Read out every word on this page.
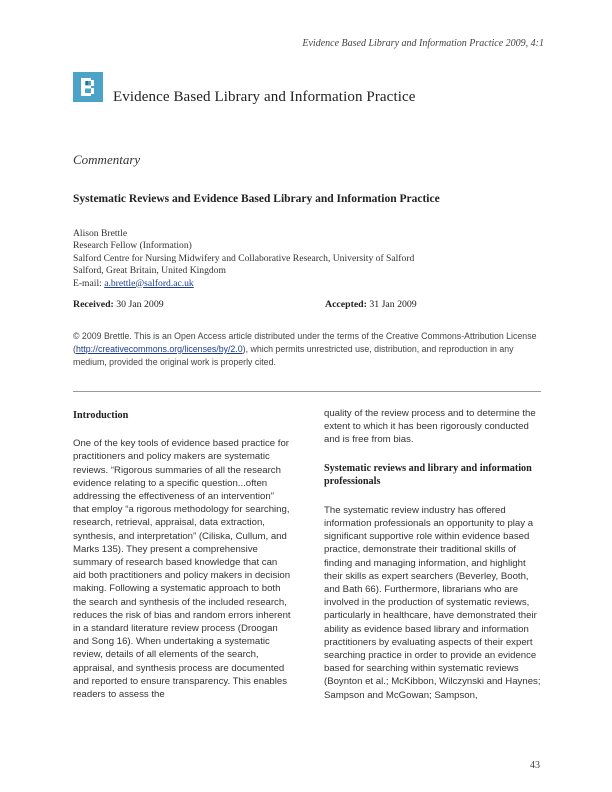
Evidence Based Library and Information Practice 2009, 4:1
Evidence Based Library and Information Practice
Commentary
Systematic Reviews and Evidence Based Library and Information Practice
Alison Brettle
Research Fellow (Information)
Salford Centre for Nursing Midwifery and Collaborative Research, University of Salford
Salford, Great Britain, United Kingdom
E-mail: a.brettle@salford.ac.uk
Received: 30 Jan 2009	Accepted: 31 Jan 2009
© 2009 Brettle. This is an Open Access article distributed under the terms of the Creative Commons‐Attribution License (http://creativecommons.org/licenses/by/2.0), which permits unrestricted use, distribution, and reproduction in any medium, provided the original work is properly cited.

Introduction

One of the key tools of evidence based practice for practitioners and policy makers are systematic reviews. “Rigorous summaries of all the research evidence relating to a specific question...often addressing the effectiveness of an intervention” that employ “a rigorous methodology for searching, research, retrieval, appraisal, data extraction, synthesis, and interpretation” (Ciliska, Cullum, and Marks 135). They present a comprehensive summary of research based knowledge that can aid both practitioners and policy makers in decision making. Following a systematic approach to both the search and synthesis of the included research, reduces the risk of bias and random errors inherent in a standard literature review process (Droogan and Song 16). When undertaking a systematic review, details of all elements of the search, appraisal, and synthesis process are documented and reported to ensure transparency. This enables readers to assess the

quality of the review process and to determine the extent to which it has been rigorously conducted and is free from bias.

Systematic reviews and library and information professionals

The systematic review industry has offered information professionals an opportunity to play a significant supportive role within evidence based practice, demonstrate their traditional skills of finding and managing information, and highlight their skills as expert searchers (Beverley, Booth, and Bath 66). Furthermore, librarians who are involved in the production of systematic reviews, particularly in healthcare, have demonstrated their ability as evidence based library and information practitioners by evaluating aspects of their expert searching practice in order to provide an evidence based for searching within systematic reviews (Boynton et al.; McKibbon, Wilczynski and Haynes; Sampson and McGowan; Sampson,

43
